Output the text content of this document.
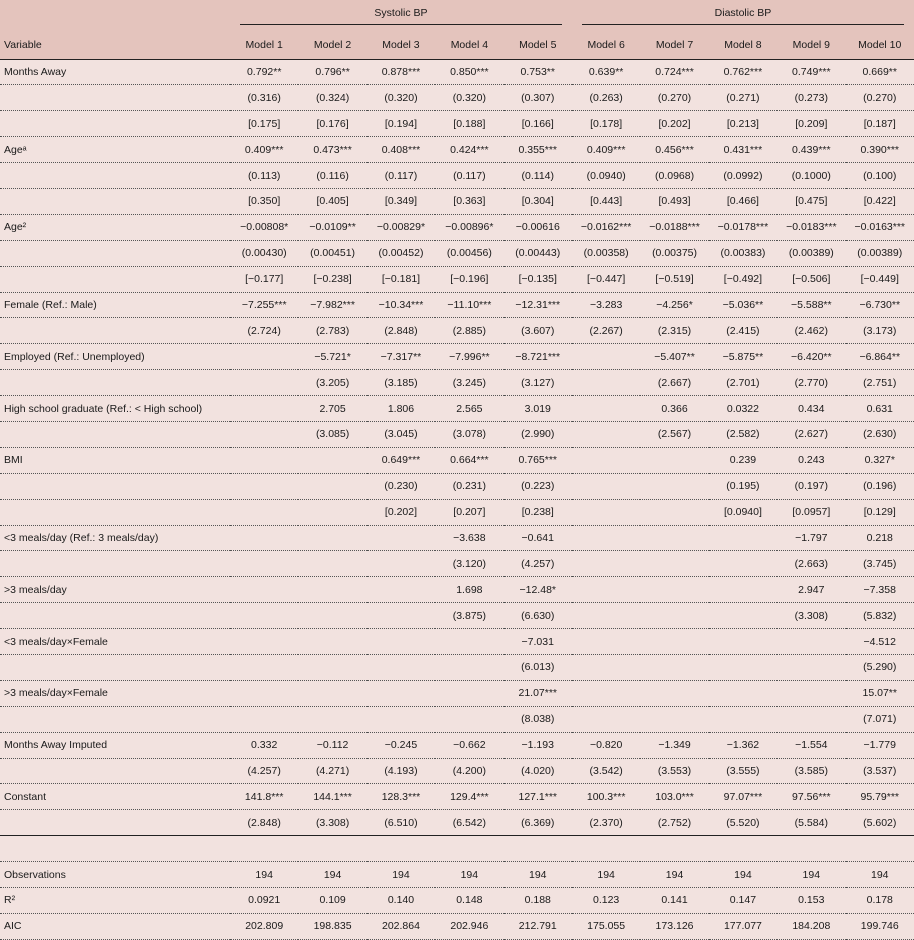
	Systolic BP					Diastolic BP				

Variable	Model 1	Model 2	Model 3	Model 4	Model 5	Model 6	Model 7	Model 8	Model 9	Model 10
Months Away	0.792**	0.796**	0.878***	0.850***	0.753**	0.639**	0.724***	0.762***	0.749***	0.669**
	(0.316)	(0.324)	(0.320)	(0.320)	(0.307)	(0.263)	(0.270)	(0.271)	(0.273)	(0.270)
	[0.175]	[0.176]	[0.194]	[0.188]	[0.166]	[0.178]	[0.202]	[0.213]	[0.209]	[0.187]
Ageᵃ	0.409***	0.473***	0.408***	0.424***	0.355***	0.409***	0.456***	0.431***	0.439***	0.390***
	(0.113)	(0.116)	(0.117)	(0.117)	(0.114)	(0.0940)	(0.0968)	(0.0992)	(0.1000)	(0.100)
	[0.350]	[0.405]	[0.349]	[0.363]	[0.304]	[0.443]	[0.493]	[0.466]	[0.475]	[0.422]
Age²	−0.00808*	−0.0109**	−0.00829*	−0.00896*	−0.00616	−0.0162***	−0.0188***	−0.0178***	−0.0183***	−0.0163***
	(0.00430)	(0.00451)	(0.00452)	(0.00456)	(0.00443)	(0.00358)	(0.00375)	(0.00383)	(0.00389)	(0.00389)
	[−0.177]	[−0.238]	[−0.181]	[−0.196]	[−0.135]	[−0.447]	[−0.519]	[−0.492]	[−0.506]	[−0.449]
Female (Ref.: Male)	−7.255***	−7.982***	−10.34***	−11.10***	−12.31***	−3.283	−4.256*	−5.036**	−5.588**	−6.730**
	(2.724)	(2.783)	(2.848)	(2.885)	(3.607)	(2.267)	(2.315)	(2.415)	(2.462)	(3.173)
Employed (Ref.: Unemployed)		−5.721*	−7.317**	−7.996**	−8.721***		−5.407**	−5.875**	−6.420**	−6.864**
		(3.205)	(3.185)	(3.245)	(3.127)		(2.667)	(2.701)	(2.770)	(2.751)
High school graduate (Ref.: < High school)		2.705	1.806	2.565	3.019		0.366	0.0322	0.434	0.631
		(3.085)	(3.045)	(3.078)	(2.990)		(2.567)	(2.582)	(2.627)	(2.630)
BMI			0.649***	0.664***	0.765***			0.239	0.243	0.327*
			(0.230)	(0.231)	(0.223)			(0.195)	(0.197)	(0.196)
			[0.202]	[0.207]	[0.238]			[0.0940]	[0.0957]	[0.129]
<3 meals/day (Ref.: 3 meals/day)				−3.638	−0.641				−1.797	0.218
				(3.120)	(4.257)				(2.663)	(3.745)
>3 meals/day				1.698	−12.48*				2.947	−7.358
				(3.875)	(6.630)				(3.308)	(5.832)
<3 meals/day×Female					−7.031					−4.512
					(6.013)					(5.290)
>3 meals/day×Female					21.07***					15.07**
					(8.038)					(7.071)
Months Away Imputed	0.332	−0.112	−0.245	−0.662	−1.193	−0.820	−1.349	−1.362	−1.554	−1.779
	(4.257)	(4.271)	(4.193)	(4.200)	(4.020)	(3.542)	(3.553)	(3.555)	(3.585)	(3.537)
Constant	141.8***	144.1***	128.3***	129.4***	127.1***	100.3***	103.0***	97.07***	97.56***	95.79***
	(2.848)	(3.308)	(6.510)	(6.542)	(6.369)	(2.370)	(2.752)	(5.520)	(5.584)	(5.602)

Observations	194	194	194	194	194	194	194	194	194	194
R²	0.0921	0.109	0.140	0.148	0.188	0.123	0.141	0.147	0.153	0.178
AIC	202.809	198.835	202.864	202.946	212.791	175.055	173.126	177.077	184.208	199.746
